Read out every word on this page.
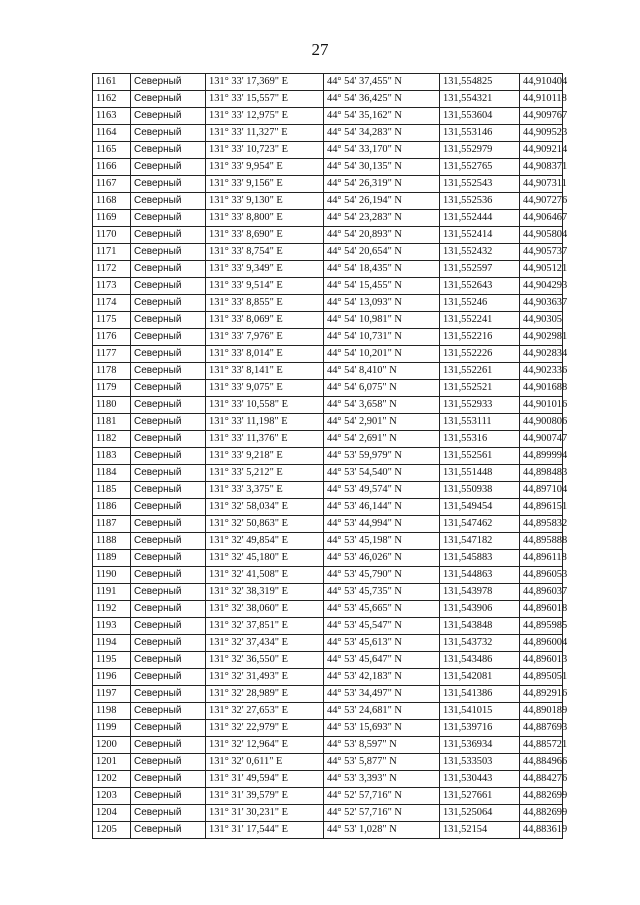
27
1161	Северный	131° 33' 17,369" E	44° 54' 37,455" N	131,554825	44,910404
1162	Северный	131° 33' 15,557" E	44° 54' 36,425" N	131,554321	44,910118
1163	Северный	131° 33' 12,975" E	44° 54' 35,162" N	131,553604	44,909767
1164	Северный	131° 33' 11,327" E	44° 54' 34,283" N	131,553146	44,909523
1165	Северный	131° 33' 10,723" E	44° 54' 33,170" N	131,552979	44,909214
1166	Северный	131° 33' 9,954" E	44° 54' 30,135" N	131,552765	44,908371
1167	Северный	131° 33' 9,156" E	44° 54' 26,319" N	131,552543	44,907311
1168	Северный	131° 33' 9,130" E	44° 54' 26,194" N	131,552536	44,907276
1169	Северный	131° 33' 8,800" E	44° 54' 23,283" N	131,552444	44,906467
1170	Северный	131° 33' 8,690" E	44° 54' 20,893" N	131,552414	44,905804
1171	Северный	131° 33' 8,754" E	44° 54' 20,654" N	131,552432	44,905737
1172	Северный	131° 33' 9,349" E	44° 54' 18,435" N	131,552597	44,905121
1173	Северный	131° 33' 9,514" E	44° 54' 15,455" N	131,552643	44,904293
1174	Северный	131° 33' 8,855" E	44° 54' 13,093" N	131,55246	44,903637
1175	Северный	131° 33' 8,069" E	44° 54' 10,981" N	131,552241	44,90305
1176	Северный	131° 33' 7,976" E	44° 54' 10,731" N	131,552216	44,902981
1177	Северный	131° 33' 8,014" E	44° 54' 10,201" N	131,552226	44,902834
1178	Северный	131° 33' 8,141" E	44° 54' 8,410" N	131,552261	44,902336
1179	Северный	131° 33' 9,075" E	44° 54' 6,075" N	131,552521	44,901688
1180	Северный	131° 33' 10,558" E	44° 54' 3,658" N	131,552933	44,901016
1181	Северный	131° 33' 11,198" E	44° 54' 2,901" N	131,553111	44,900806
1182	Северный	131° 33' 11,376" E	44° 54' 2,691" N	131,55316	44,900747
1183	Северный	131° 33' 9,218" E	44° 53' 59,979" N	131,552561	44,899994
1184	Северный	131° 33' 5,212" E	44° 53' 54,540" N	131,551448	44,898483
1185	Северный	131° 33' 3,375" E	44° 53' 49,574" N	131,550938	44,897104
1186	Северный	131° 32' 58,034" E	44° 53' 46,144" N	131,549454	44,896151
1187	Северный	131° 32' 50,863" E	44° 53' 44,994" N	131,547462	44,895832
1188	Северный	131° 32' 49,854" E	44° 53' 45,198" N	131,547182	44,895888
1189	Северный	131° 32' 45,180" E	44° 53' 46,026" N	131,545883	44,896118
1190	Северный	131° 32' 41,508" E	44° 53' 45,790" N	131,544863	44,896053
1191	Северный	131° 32' 38,319" E	44° 53' 45,735" N	131,543978	44,896037
1192	Северный	131° 32' 38,060" E	44° 53' 45,665" N	131,543906	44,896018
1193	Северный	131° 32' 37,851" E	44° 53' 45,547" N	131,543848	44,895985
1194	Северный	131° 32' 37,434" E	44° 53' 45,613" N	131,543732	44,896004
1195	Северный	131° 32' 36,550" E	44° 53' 45,647" N	131,543486	44,896013
1196	Северный	131° 32' 31,493" E	44° 53' 42,183" N	131,542081	44,895051
1197	Северный	131° 32' 28,989" E	44° 53' 34,497" N	131,541386	44,892916
1198	Северный	131° 32' 27,653" E	44° 53' 24,681" N	131,541015	44,890189
1199	Северный	131° 32' 22,979" E	44° 53' 15,693" N	131,539716	44,887693
1200	Северный	131° 32' 12,964" E	44° 53' 8,597" N	131,536934	44,885721
1201	Северный	131° 32' 0,611" E	44° 53' 5,877" N	131,533503	44,884966
1202	Северный	131° 31' 49,594" E	44° 53' 3,393" N	131,530443	44,884276
1203	Северный	131° 31' 39,579" E	44° 52' 57,716" N	131,527661	44,882699
1204	Северный	131° 31' 30,231" E	44° 52' 57,716" N	131,525064	44,882699
1205	Северный	131° 31' 17,544" E	44° 53' 1,028" N	131,52154	44,883619
